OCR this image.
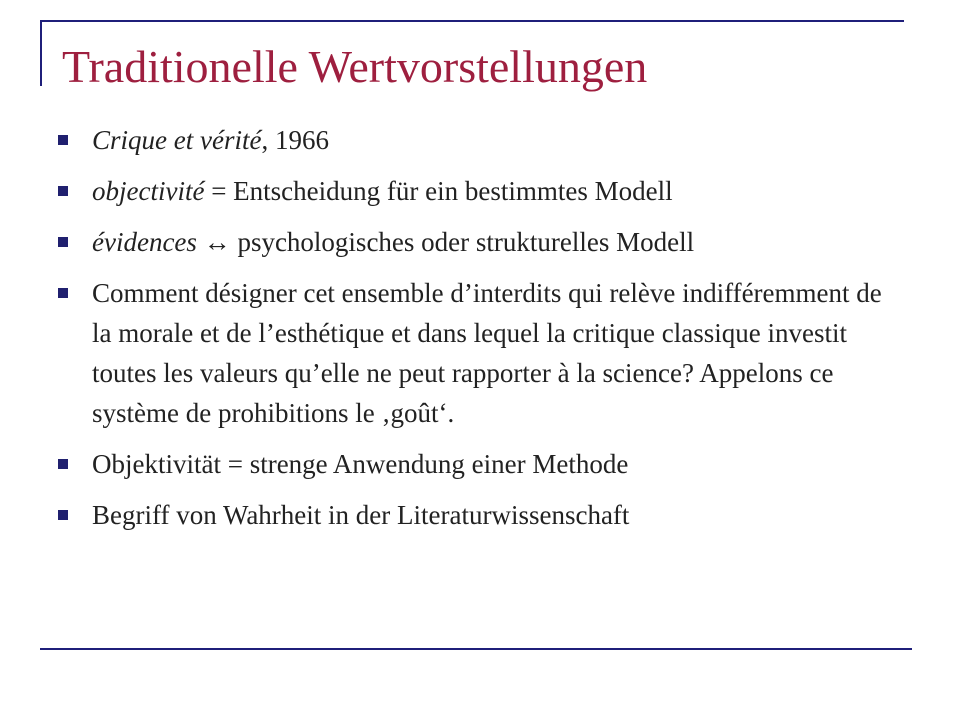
Traditionelle Wertvorstellungen
Crique et vérité, 1966
objectivité = Entscheidung für ein bestimmtes Modell
évidences ↔ psychologisches oder strukturelles Modell
Comment désigner cet ensemble d’interdits qui relève indifféremment de la morale et de l’esthétique et dans lequel la critique classique investit toutes les valeurs qu’elle ne peut rapporter à la science? Appelons ce système de prohibitions le ‚goût‘.
Objektivität = strenge Anwendung einer Methode
Begriff von Wahrheit in der Literaturwissenschaft
